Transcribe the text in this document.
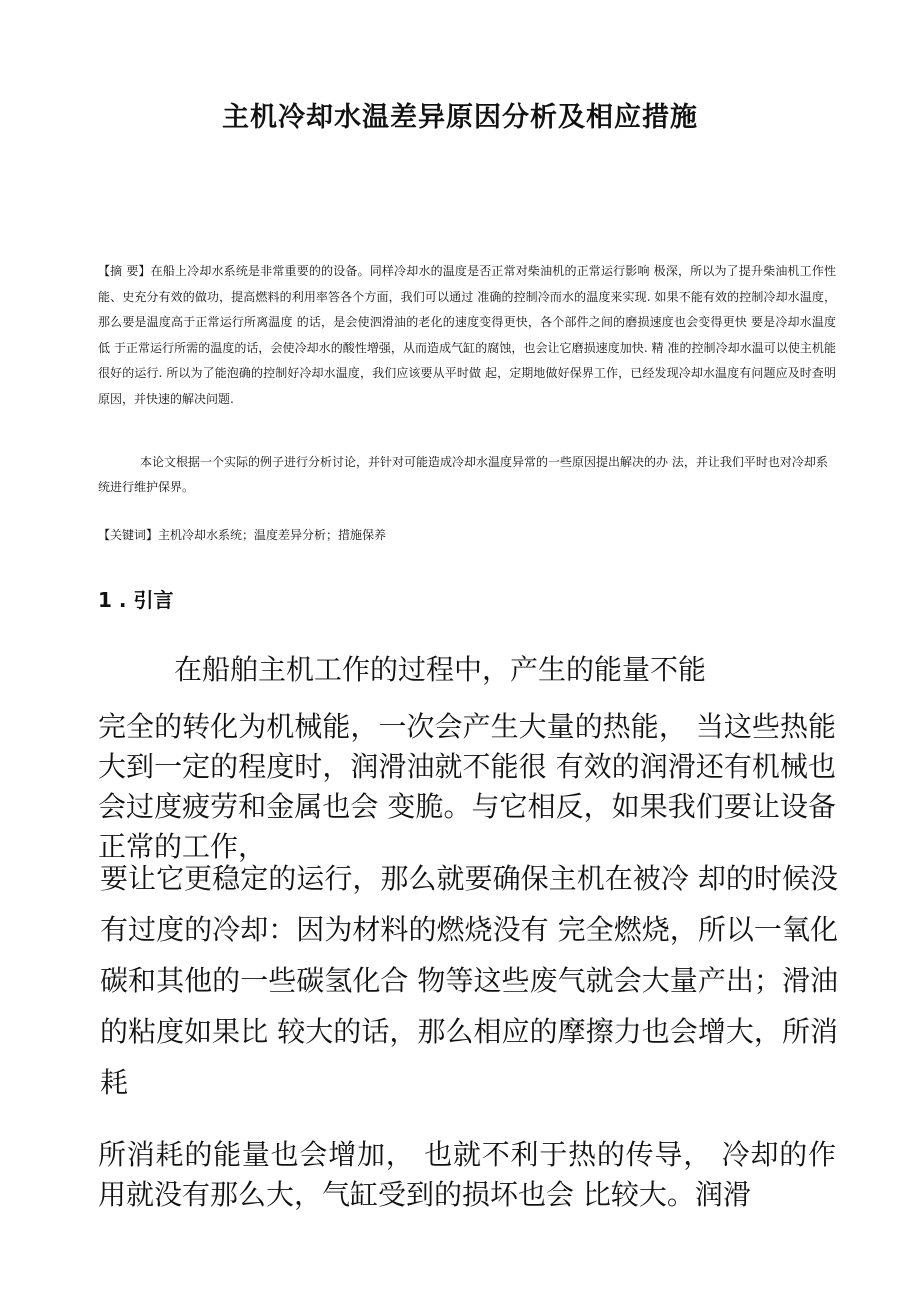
主机冷却水温差异原因分析及相应措施

【摘 要】在船上冷却水系统是非常重要的的设备。同样冷却水的温度是否正常对柴油机的正常运行影响 极深，所以为了提升柴油机工作性能、史充分有效的做功，提高燃料的利用率答各个方面，我们可以通过 准确的控制冷而水的温度来实现. 如果不能有效的控制冷却水温度，那么要是温度高于正常运行所离温度 的话，是会使泗滑油的老化的速度变得更快，各个部件之间的磨损速度也会变得更快 要是冷却水温度低 于正常运行所需的温度的话，会使冷却水的酸性增强，从而造成气缸的腐蚀，也会让它磨损速度加快. 精 准的控制冷却水温可以使主机能很好的运行. 所以为了能泡确的控制好冷却水温度，我们应该要从平时做 起，定期地做好保界工作，已经发现冷却水温度有问题应及时查明原因，并快速的解决问题.

本论文根据一个实际的例子进行分析讨论，并针对可能造成冷却水温度异常的一些原因提出解决的办 法，并让我们平时也对冷却系统进行维护保界。

【关键词】主机冷却水系统；温度差异分析；措施保养

1 . 引言

在船舶主机工作的过程中，产生的能量不能

完全的转化为机械能，一次会产生大量的热能， 当这些热能大到一定的程度时，润滑油就不能很 有效的润滑还有机械也会过度疲劳和金属也会 变脆。与它相反，如果我们要让设备正常的工作，

要让它更稳定的运行，那么就要确保主机在被冷 却的时候没有过度的冷却：因为材料的燃烧没有 完全燃烧，所以一氧化碳和其他的一些碳氢化合 物等这些废气就会大量产出；滑油的粘度如果比 较大的话，那么相应的摩擦力也会增大，所消耗

所消耗的能量也会增加， 也就不利于热的传导， 冷却的作用就没有那么大，气缸受到的损坏也会 比较大。润滑
